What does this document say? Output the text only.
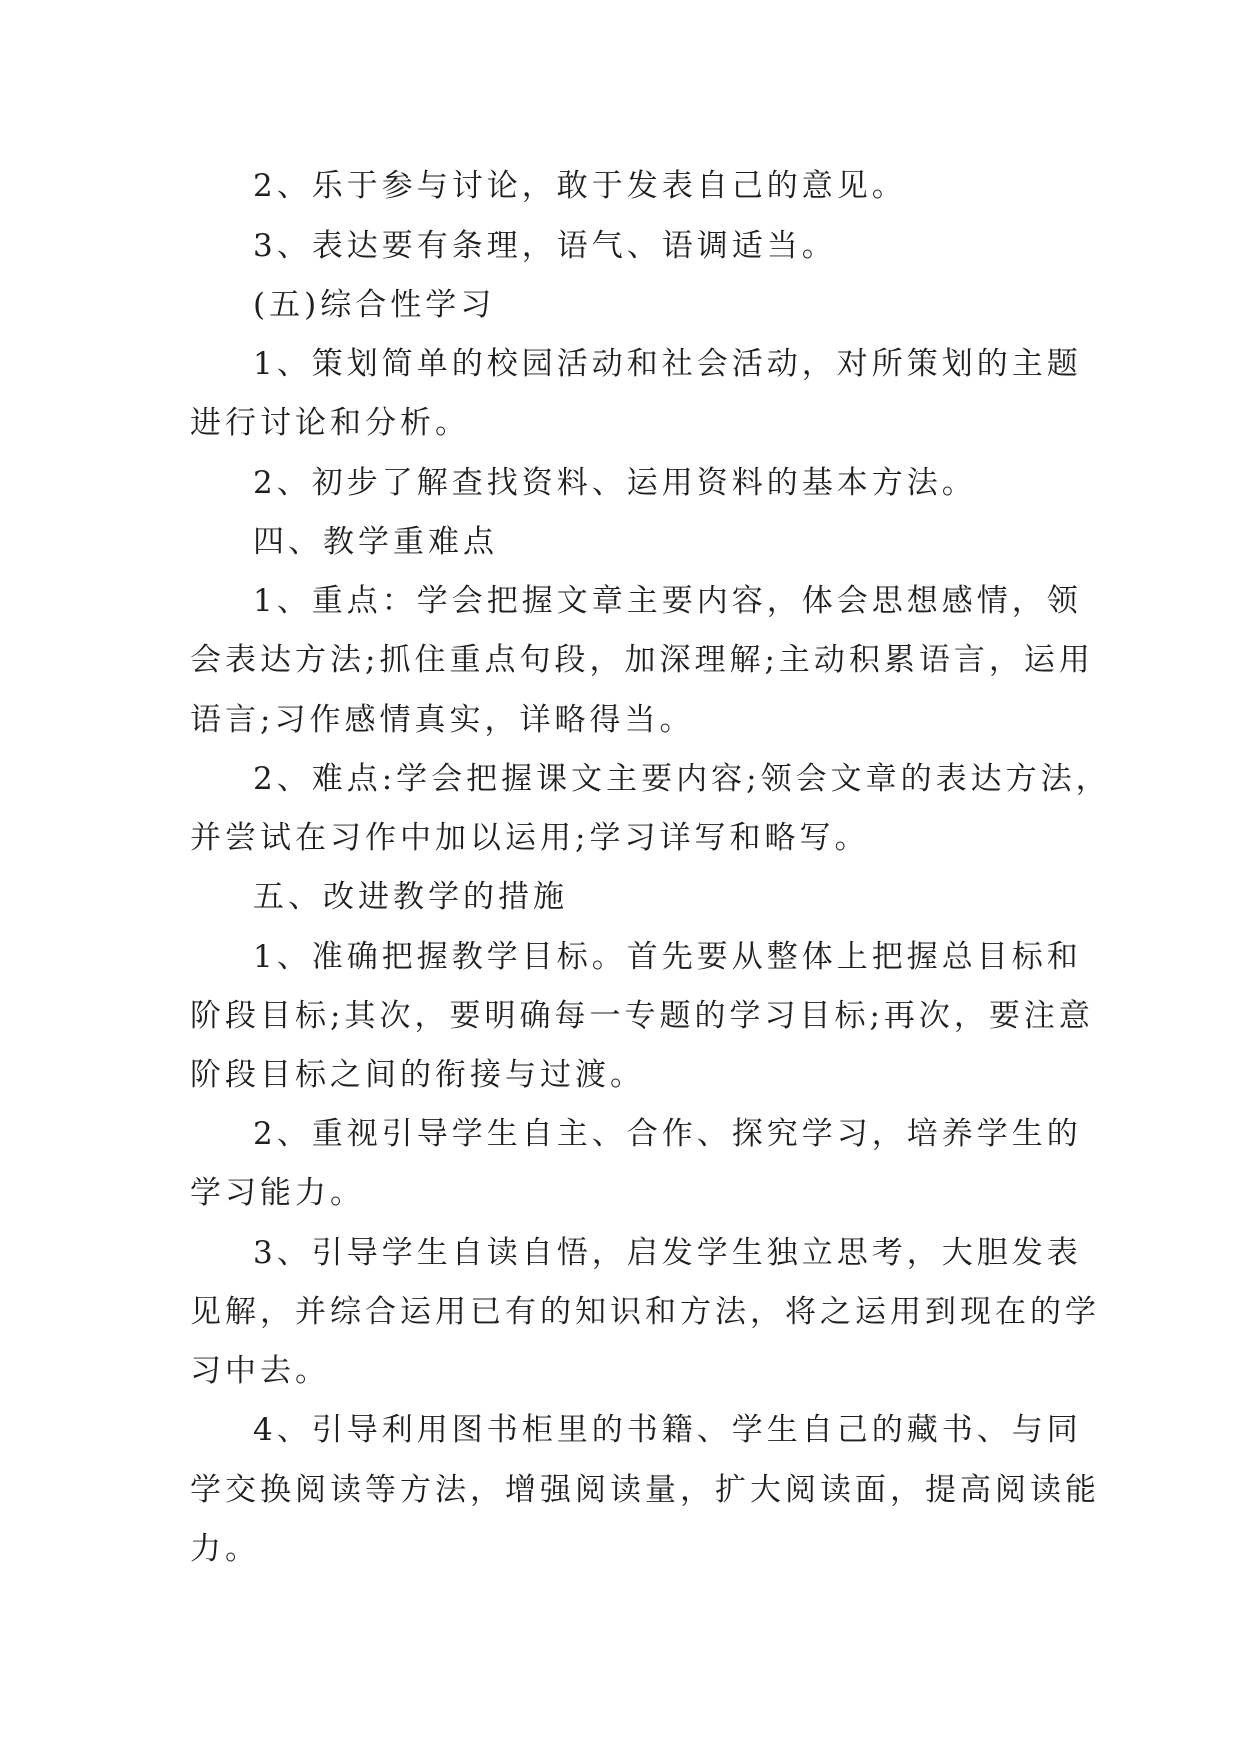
2、乐于参与讨论，敢于发表自己的意见。
3、表达要有条理，语气、语调适当。
(五)综合性学习
1、策划简单的校园活动和社会活动，对所策划的主题
进行讨论和分析。
2、初步了解查找资料、运用资料的基本方法。
四、教学重难点
1、重点：学会把握文章主要内容，体会思想感情，领
会表达方法;抓住重点句段，加深理解;主动积累语言，运用
语言;习作感情真实，详略得当。
2、难点:学会把握课文主要内容;领会文章的表达方法，
并尝试在习作中加以运用;学习详写和略写。
五、改进教学的措施
1、准确把握教学目标。首先要从整体上把握总目标和
阶段目标;其次，要明确每一专题的学习目标;再次，要注意
阶段目标之间的衔接与过渡。
2、重视引导学生自主、合作、探究学习，培养学生的
学习能力。
3、引导学生自读自悟，启发学生独立思考，大胆发表
见解，并综合运用已有的知识和方法，将之运用到现在的学
习中去。
4、引导利用图书柜里的书籍、学生自己的藏书、与同
学交换阅读等方法，增强阅读量，扩大阅读面，提高阅读能
力。
